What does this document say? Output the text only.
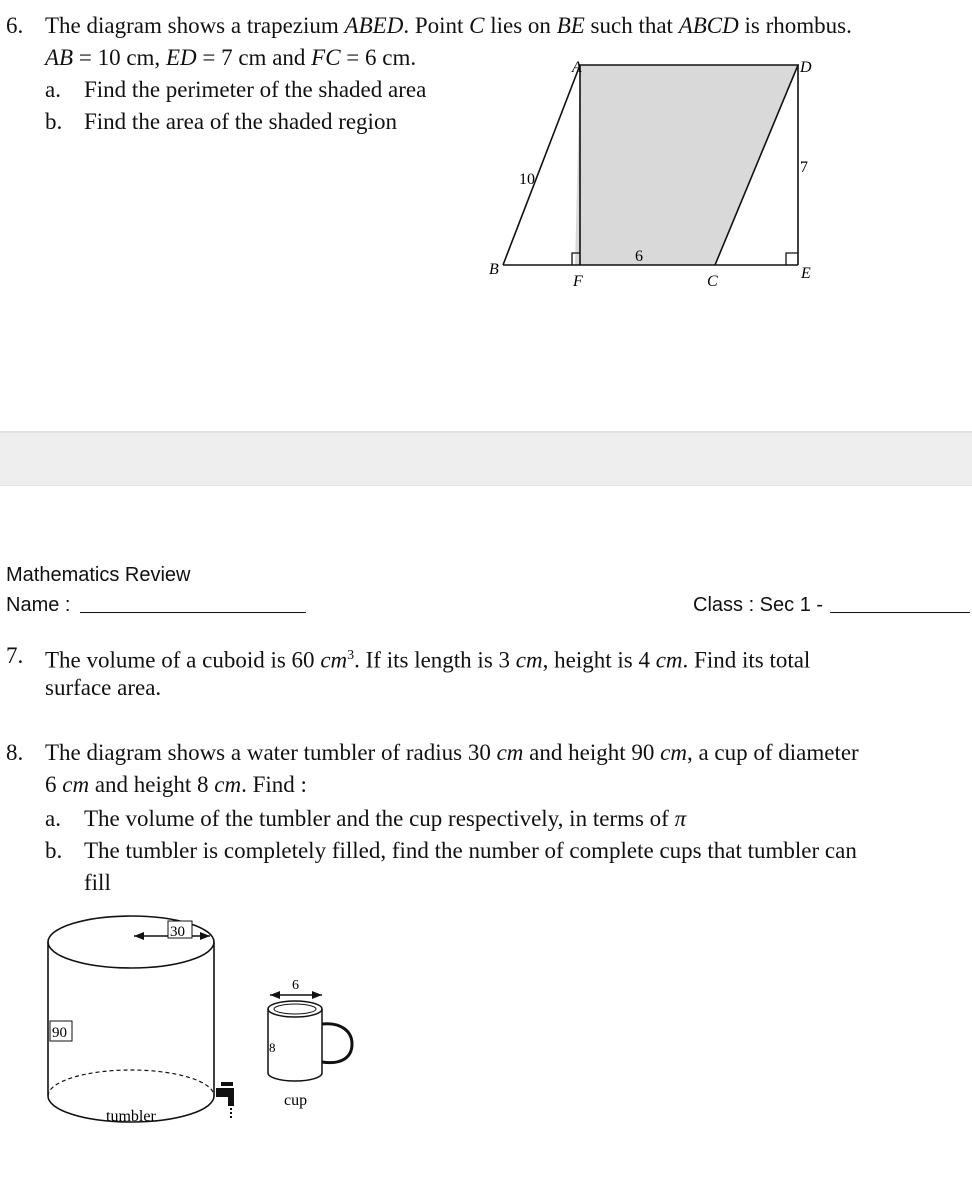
6. The diagram shows a trapezium ABED. Point C lies on BE such that ABCD is rhombus.
AB = 10 cm, ED = 7 cm and FC = 6 cm.
a. Find the perimeter of the shaded area
b. Find the area of the shaded region
A	D
B
F	C	E
10
7
6
Mathematics Review
Name :	Class : Sec 1 -
7. The volume of a cuboid is 60 $cm^3$. If its length is 3 cm, height is 4 cm. Find its total
surface area.
8. The diagram shows a water tumbler of radius 30 cm and height 90 cm, a cup of diameter
6 cm and height 8 cm. Find :
a. The volume of the tumbler and the cup respectively, in terms of π
b. The tumbler is completely filled, find the number of complete cups that tumbler can
fill
30
90
tumbler
6
8
cup
